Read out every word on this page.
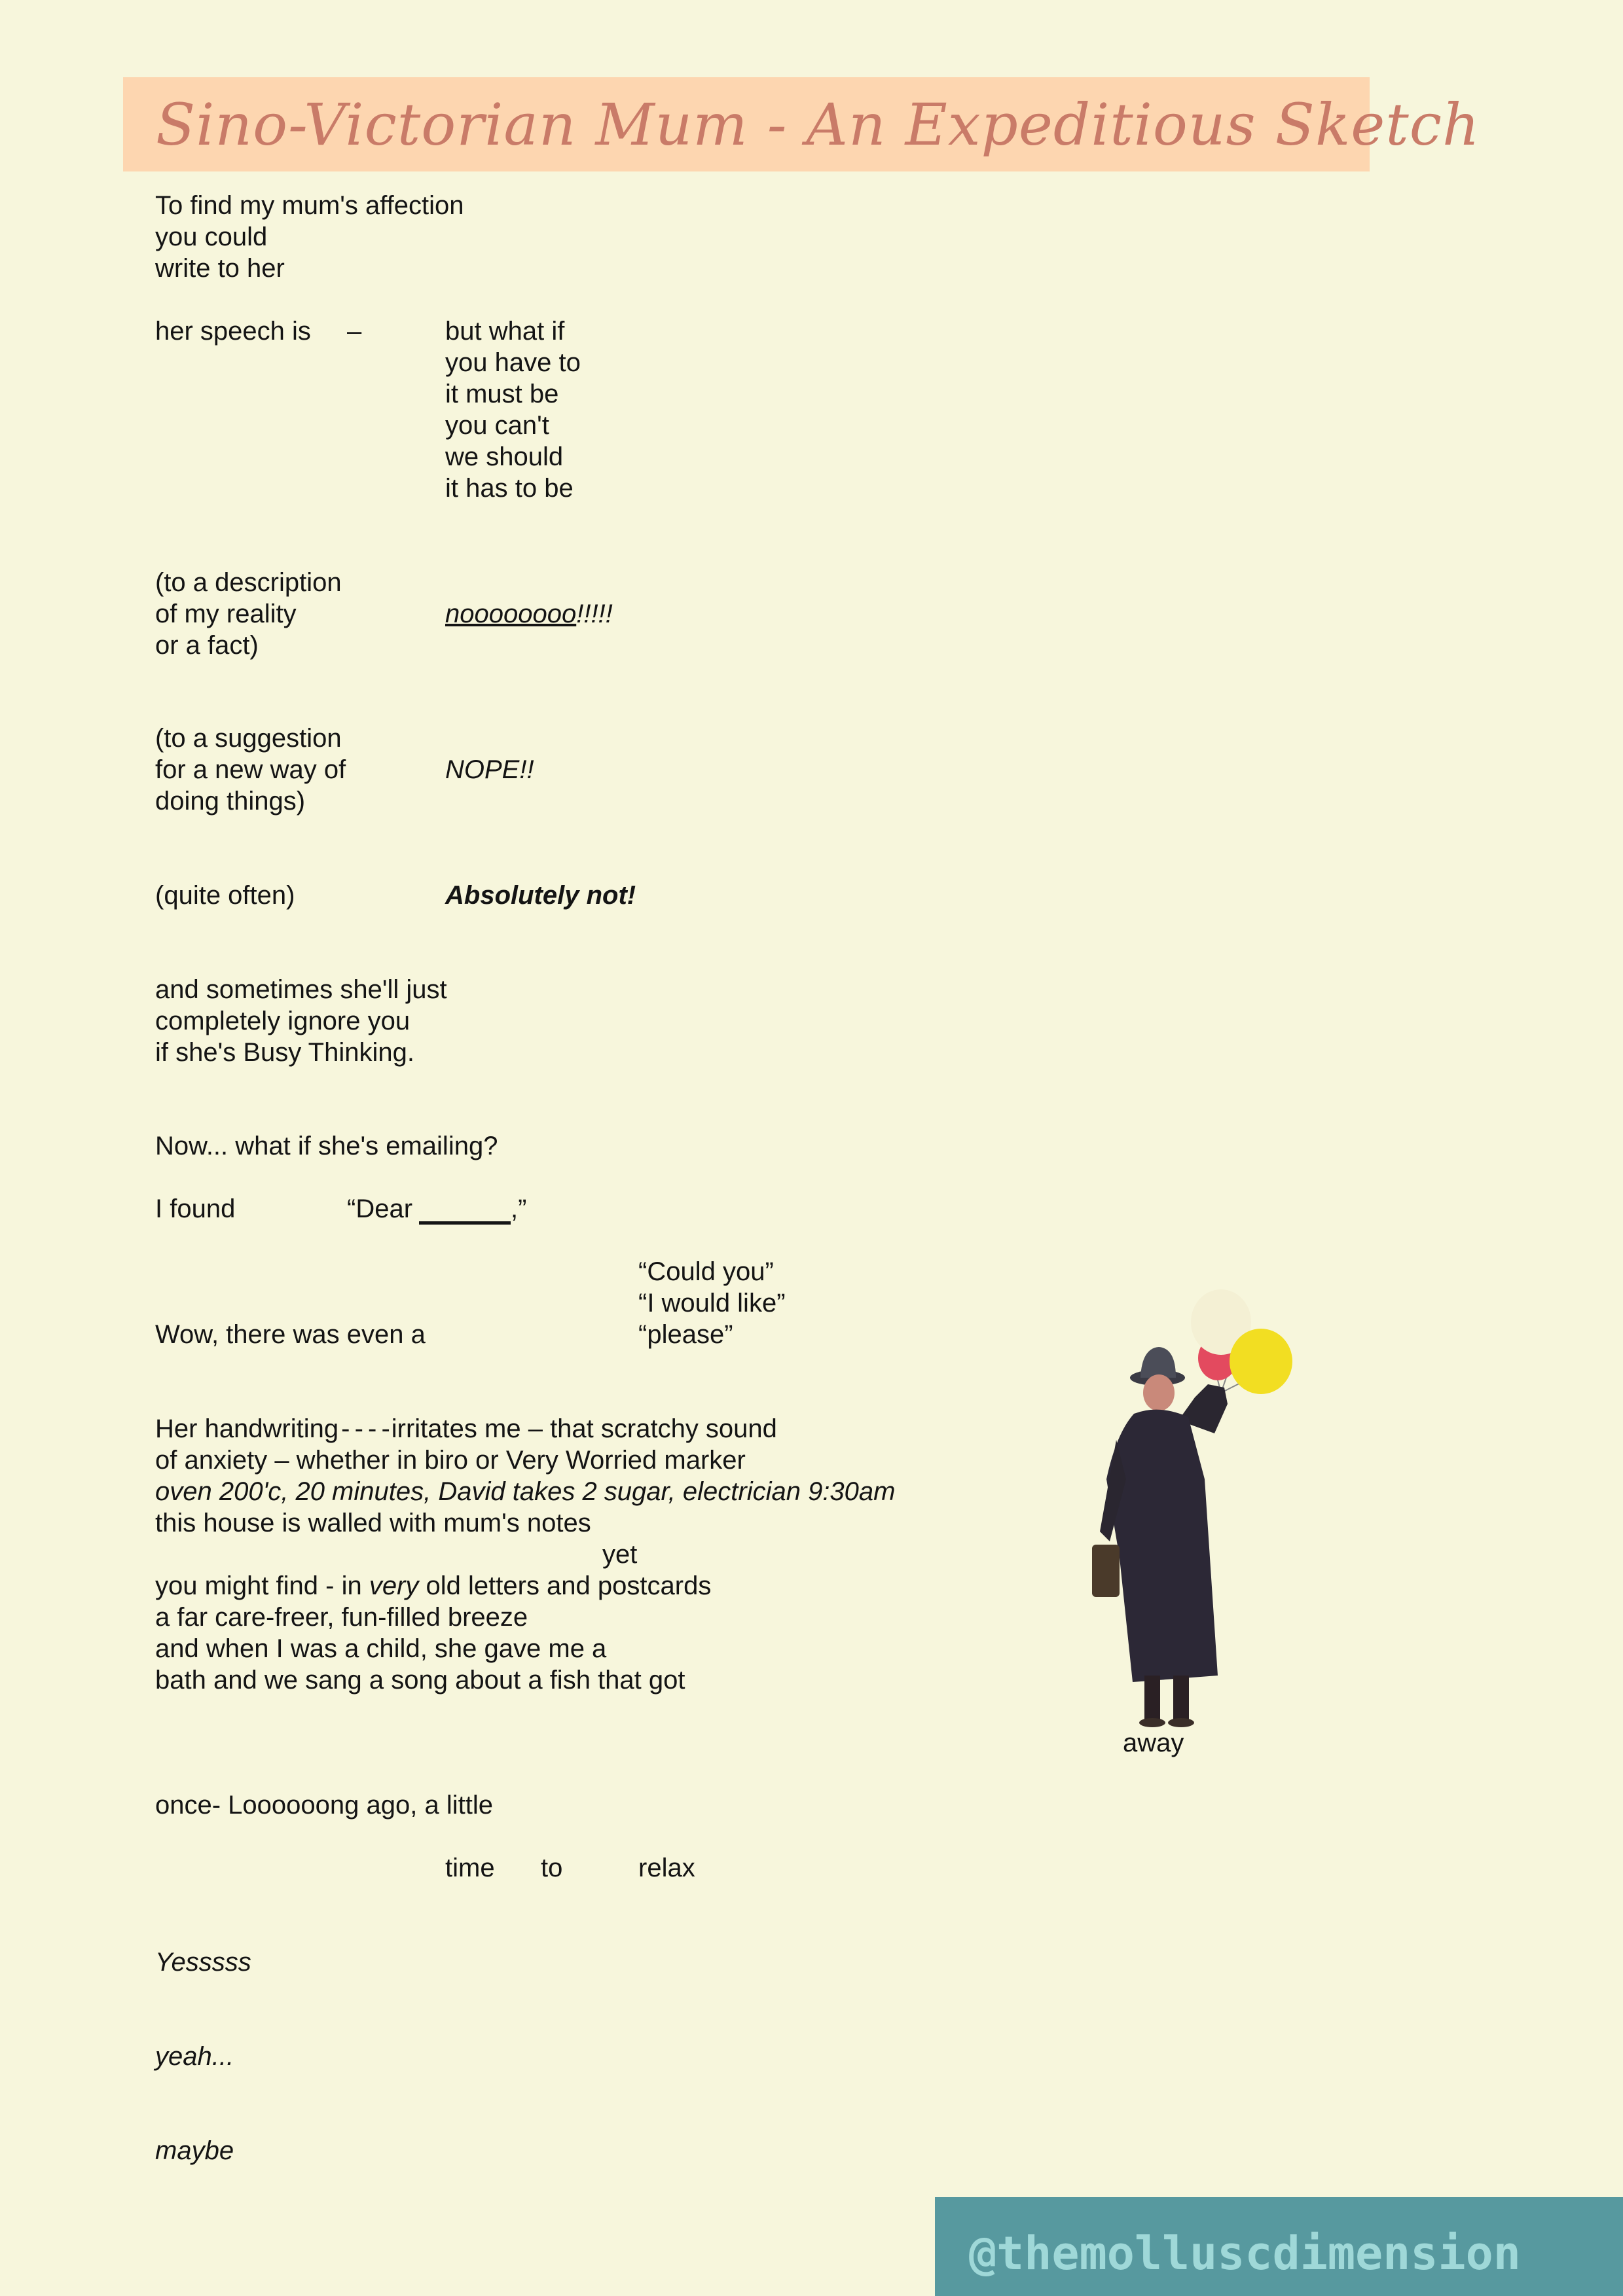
Sino-Victorian Mum - An Expeditious Sketch
To find my mum's affection
you could
write to her
her speech is –	but what if
you have to
it must be
you can't
we should
it has to be
(to a description
of my reality
or a fact)
noooooooo!!!!!
(to a suggestion
for a new way of
doing things)
NOPE!!
(quite often)	Absolutely not!
and sometimes she'll just
completely ignore you
if she's Busy Thinking.
Now... what if she's emailing?
I found	“Dear	,”
“Could you”
“I would like”
“please”
Wow, there was even a
Her handwriting - - - - irritates me – that scratchy sound
of anxiety – whether in biro or Very Worried marker
oven 200'c, 20 minutes, David takes 2 sugar, electrician 9:30am
this house is walled with mum's notes
yet
you might find - in very old letters and postcards
a far care-freer, fun-filled breeze
and when I was a child, she gave me a
bath and we sang a song about a fish that got
away
once- Loooooong ago, a little
time to	relax
Yesssss
yeah...
maybe
@themolluscdimension
